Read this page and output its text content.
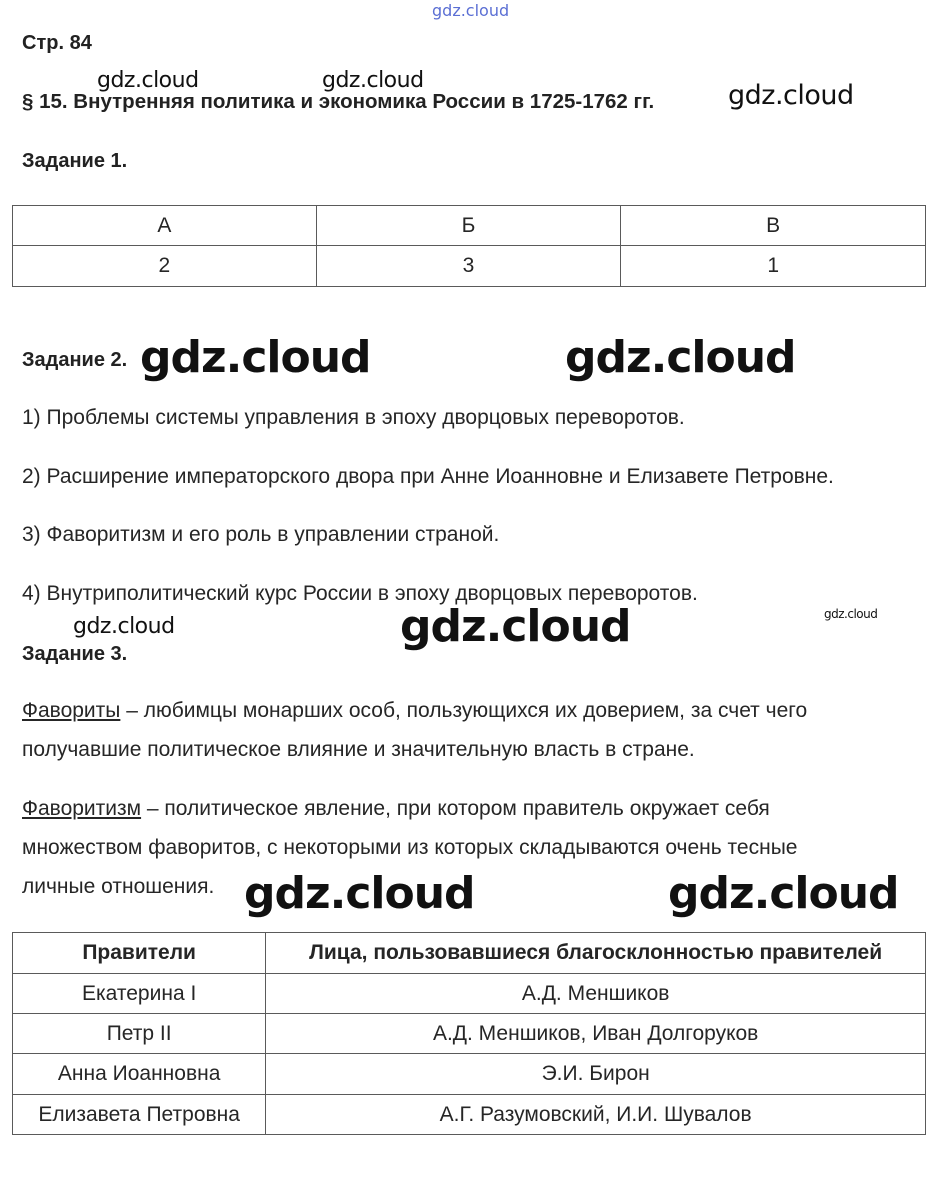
gdz.cloud
Стр. 84
§ 15. Внутренняя политика и экономика России в 1725-1762 гг.
Задание 1.
А	Б	В
2	3	1
Задание 2.
1) Проблемы системы управления в эпоху дворцовых переворотов.
2) Расширение императорского двора при Анне Иоанновне и Елизавете Петровне.
3) Фаворитизм и его роль в управлении страной.
4) Внутриполитический курс России в эпоху дворцовых переворотов.
Задание 3.
Фавориты – любимцы монарших особ, пользующихся их доверием, за счет чего
получавшие политическое влияние и значительную власть в стране.
Фаворитизм – политическое явление, при котором правитель окружает себя
множеством фаворитов, с некоторыми из которых складываются очень тесные
личные отношения.
Правители	Лица, пользовавшиеся благосклонностью правителей
Екатерина I	А.Д. Меншиков
Петр II	А.Д. Меншиков, Иван Долгоруков
Анна Иоанновна	Э.И. Бирон
Елизавета Петровна	А.Г. Разумовский, И.И. Шувалов
gdz.cloud	gdz.cloud	gdz.cloud
gdz.cloud	gdz.cloud
gdz.cloud	gdz.cloud	gdz.cloud
gdz.cloud	gdz.cloud
